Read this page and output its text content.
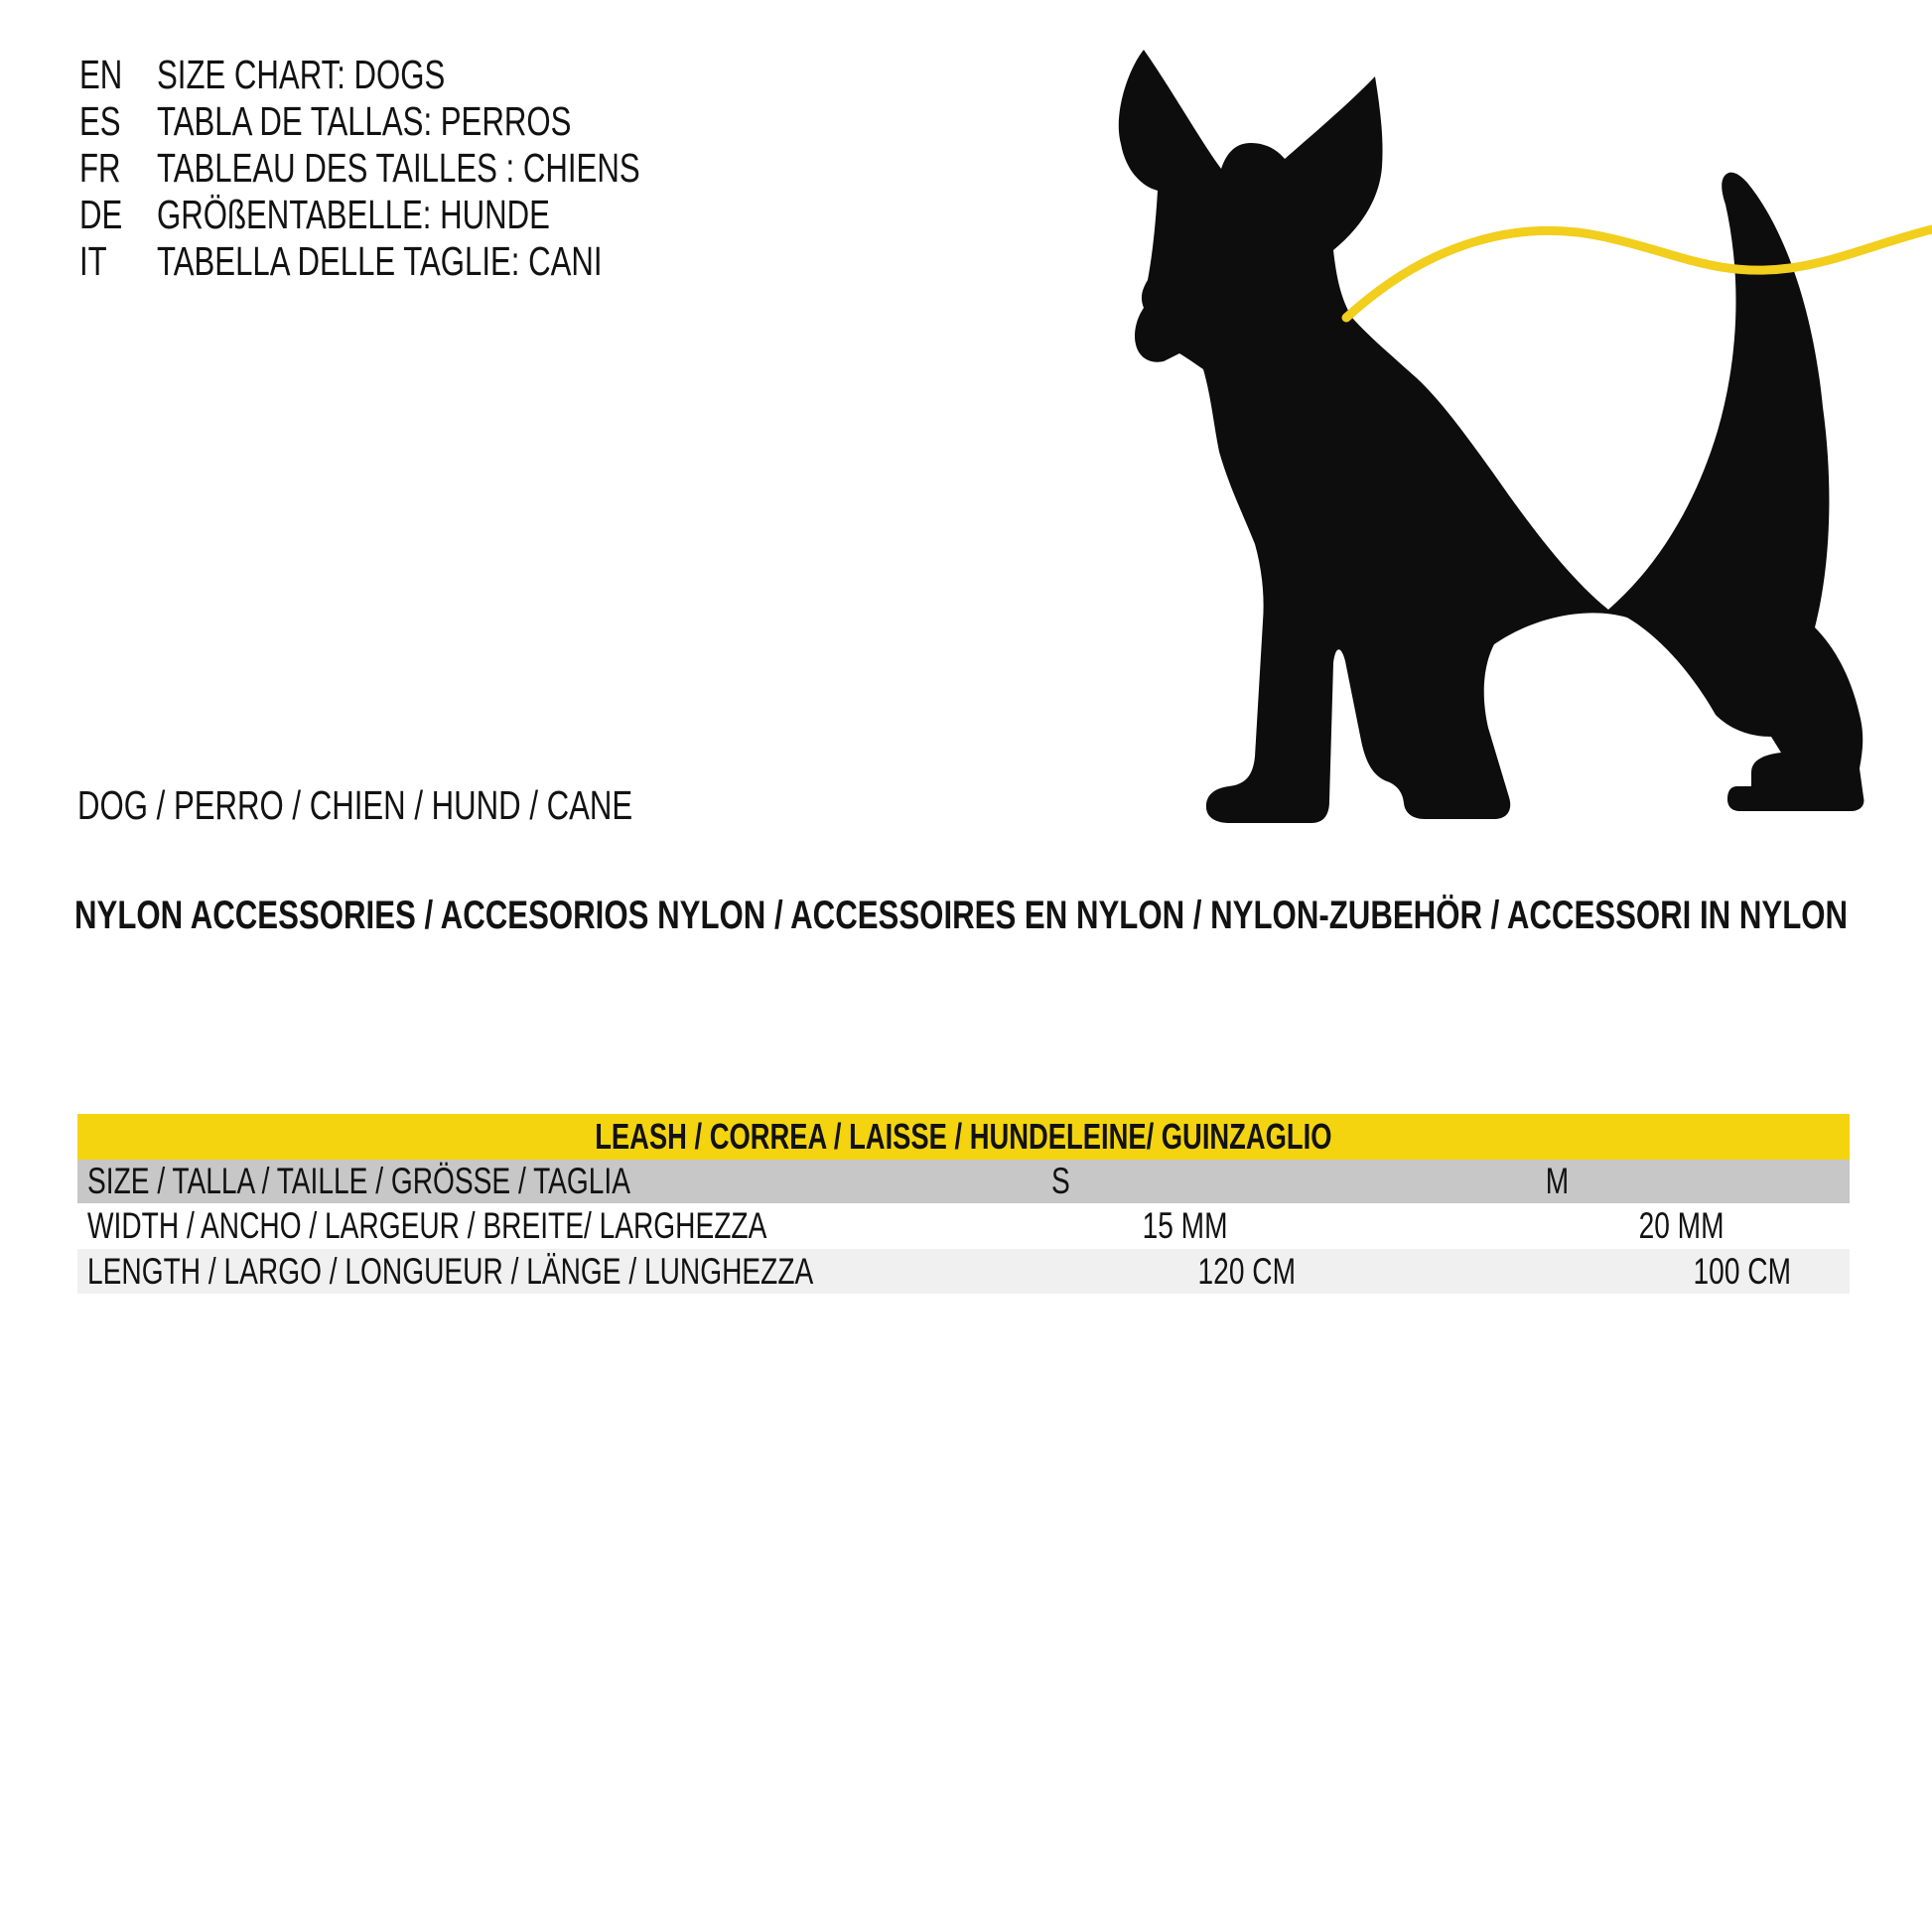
EN SIZE CHART: DOGS
ES TABLA DE TALLAS: PERROS
FR TABLEAU DES TAILLES : CHIENS
DE GRÖßENTABELLE: HUNDE
IT	TABELLA DELLE TAGLIE: CANI
DOG / PERRO / CHIEN / HUND / CANE
NYLON ACCESSORIES / ACCESORIOS NYLON / ACCESSOIRES EN NYLON / NYLON-ZUBEHÖR / ACCESSORI IN NYLON
LEASH / CORREA / LAISSE / HUNDELEINE/ GUINZAGLIO
SIZE / TALLA / TAILLE / GRÖSSE / TAGLIA	S	M
WIDTH / ANCHO / LARGEUR / BREITE/ LARGHEZZA	15 MM	20 MM
LENGTH / LARGO / LONGUEUR / LÄNGE / LUNGHEZZA	120 CM	100 CM
